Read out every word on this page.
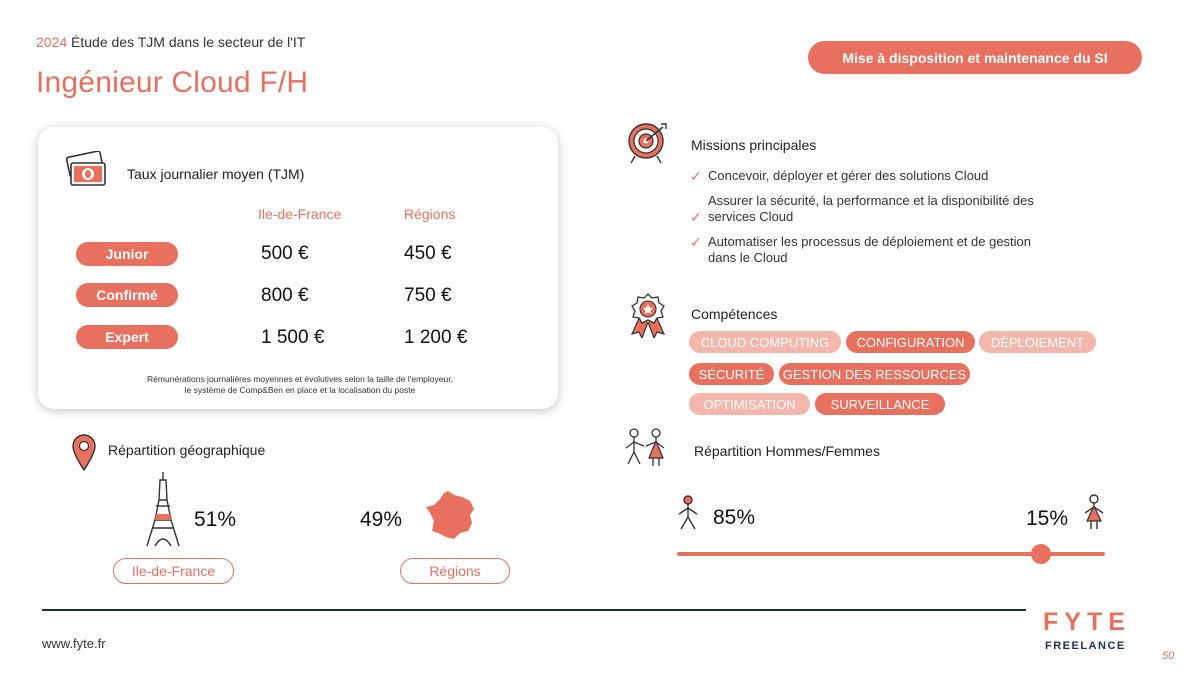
2024 Étude des TJM dans le secteur de l'IT
Ingénieur Cloud F/H
Mise à disposition et maintenance du SI
Taux journalier moyen (TJM)
Ile-de-France	Régions
Junior	500 €	450 €
Confirmé	800 €	750 €
Expert	1 500 €	1 200 €
Rémunérations journalières moyennes et évolutives selon la taille de l'employeur,
le système de Comp&Ben en place et la localisation du poste
Répartition géographique
51%
Ile-de-France
49%
Régions
Missions principales
✓ Concevoir, déployer et gérer des solutions Cloud
✓
Assurer la sécurité, la performance et la disponibilité des services Cloud
✓ Automatiser les processus de déploiement et de gestion dans le Cloud
Compétences
CLOUD COMPUTING	CONFIGURATION	DÉPLOIEMENT
SÉCURITÉ	GESTION DES RESSOURCES
OPTIMISATION	SURVEILLANCE
Répartition Hommes/Femmes
85%	15%
www.fyte.fr
FYTE
FREELANCE
50
